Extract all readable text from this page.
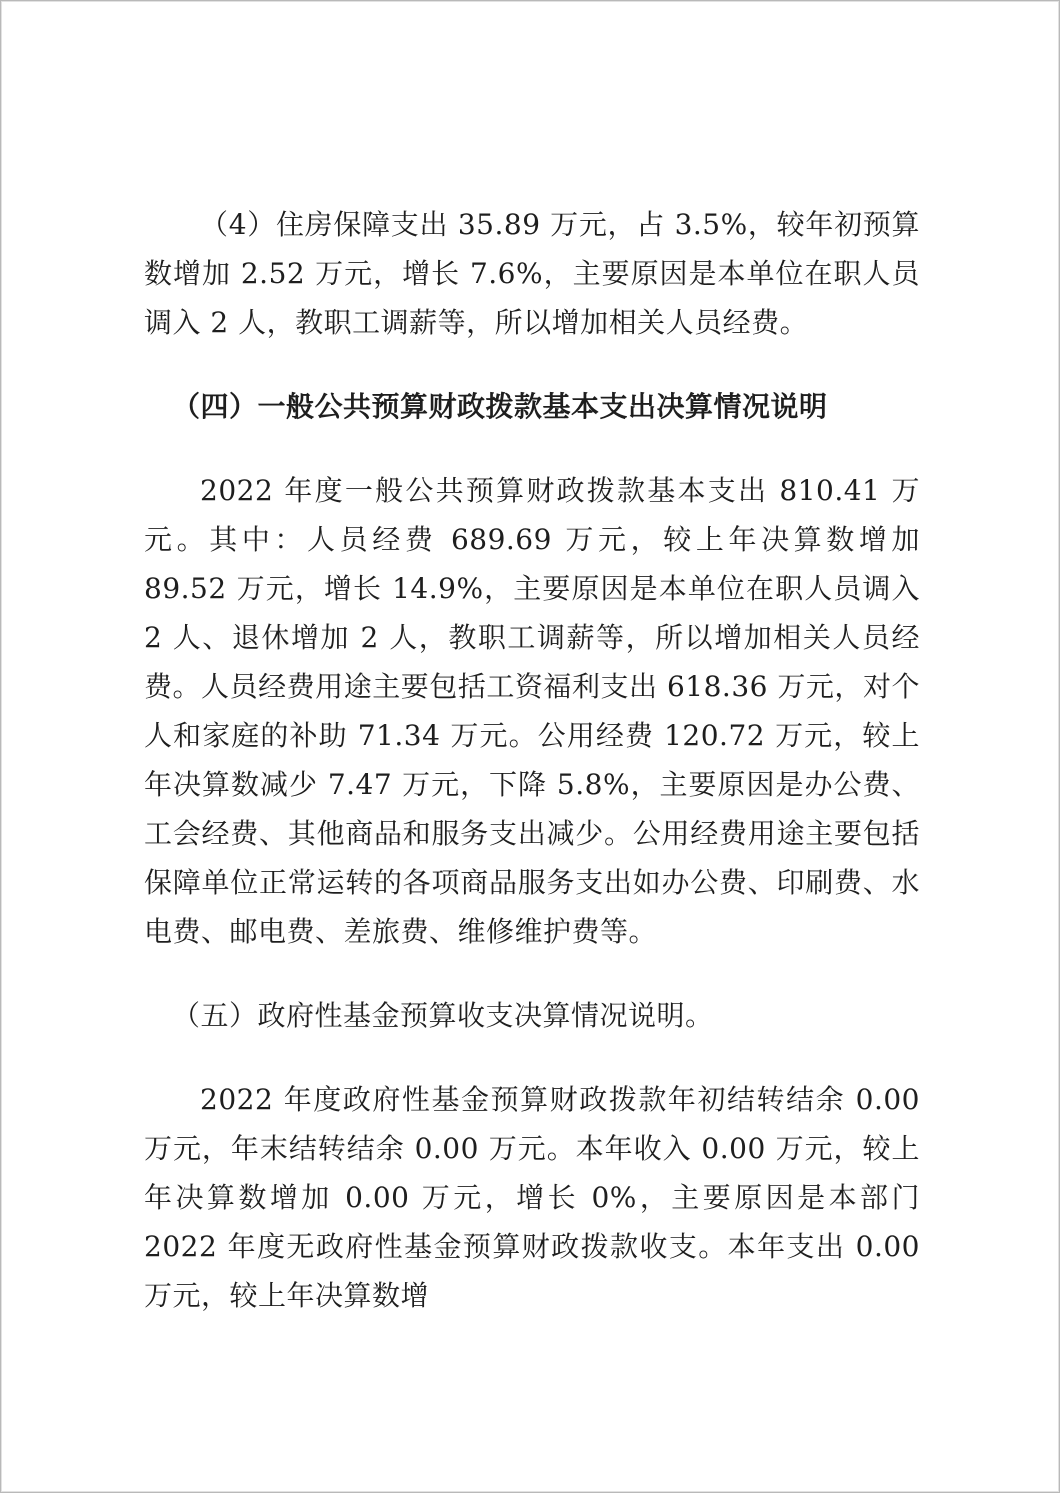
（4）住房保障支出 35.89 万元，占 3.5%，较年初预算数增加 2.52 万元，增长 7.6%，主要原因是本单位在职人员调入 2 人，教职工调薪等，所以增加相关人员经费。

（四）一般公共预算财政拨款基本支出决算情况说明

2022 年度一般公共预算财政拨款基本支出 810.41 万元。其中：人员经费 689.69 万元，较上年决算数增加 89.52 万元，增长 14.9%，主要原因是本单位在职人员调入 2 人、退休增加 2 人，教职工调薪等，所以增加相关人员经费。人员经费用途主要包括工资福利支出 618.36 万元，对个人和家庭的补助 71.34 万元。公用经费 120.72 万元，较上年决算数减少 7.47 万元，下降 5.8%，主要原因是办公费、工会经费、其他商品和服务支出减少。公用经费用途主要包括保障单位正常运转的各项商品服务支出如办公费、印刷费、水电费、邮电费、差旅费、维修维护费等。

（五）政府性基金预算收支决算情况说明。

2022 年度政府性基金预算财政拨款年初结转结余 0.00 万元，年末结转结余 0.00 万元。本年收入 0.00 万元，较上年决算数增加 0.00 万元，增长 0%，主要原因是本部门 2022 年度无政府性基金预算财政拨款收支。本年支出 0.00 万元，较上年决算数增
